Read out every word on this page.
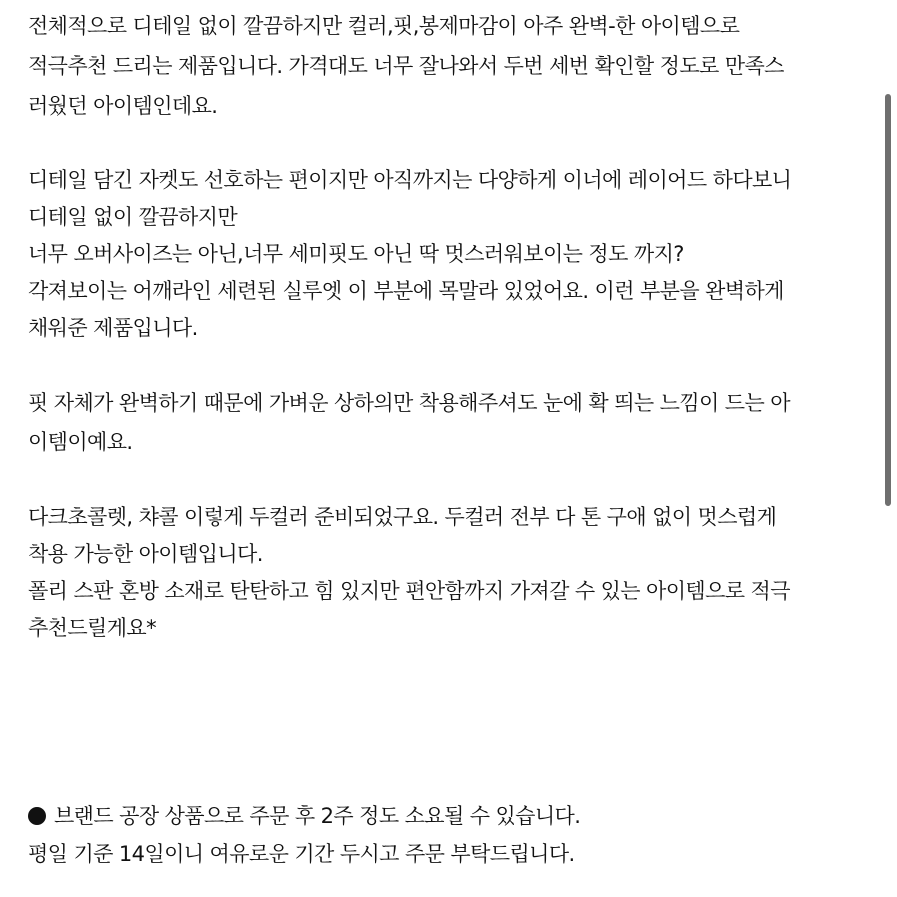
전체적으로 디테일 없이 깔끔하지만 컬러,핏,봉제마감이 아주 완벽-한 아이템으로
적극추천 드리는 제품입니다. 가격대도 너무 잘나와서 두번 세번 확인할 정도로 만족스
러웠던 아이템인데요.
디테일 담긴 자켓도 선호하는 편이지만 아직까지는 다양하게 이너에 레이어드 하다보니
디테일 없이 깔끔하지만
너무 오버사이즈는 아닌,너무 세미핏도 아닌 딱 멋스러워보이는 정도 까지?
각져보이는 어깨라인 세련된 실루엣 이 부분에 목말라 있었어요. 이런 부분을 완벽하게
채워준 제품입니다.
핏 자체가 완벽하기 때문에 가벼운 상하의만 착용해주셔도 눈에 확 띄는 느낌이 드는 아
이템이예요.
다크초콜렛, 챠콜 이렇게 두컬러 준비되었구요. 두컬러 전부 다 톤 구애 없이 멋스럽게
착용 가능한 아이템입니다.
폴리 스판 혼방 소재로 탄탄하고 힘 있지만 편안함까지 가져갈 수 있는 아이템으로 적극
추천드릴게요*
브랜드 공장 상품으로 주문 후 2주 정도 소요될 수 있습니다.
평일 기준 14일이니 여유로운 기간 두시고 주문 부탁드립니다.
